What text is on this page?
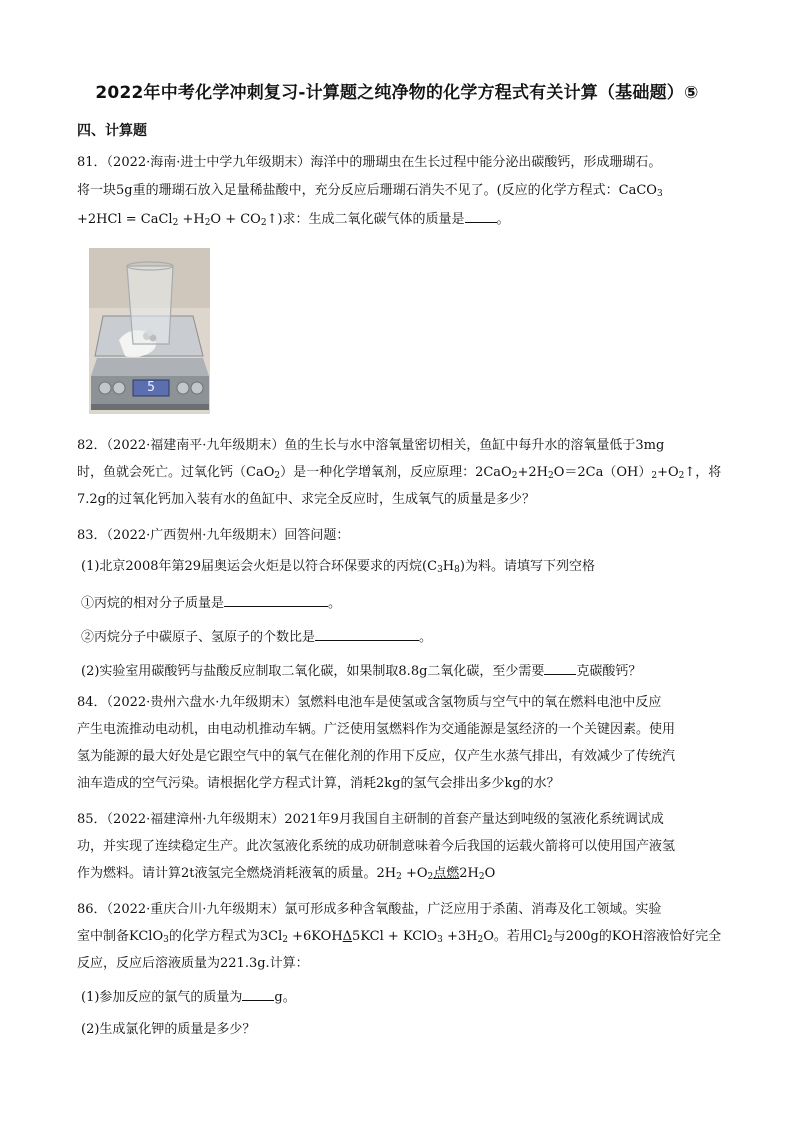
2022年中考化学冲刺复习-计算题之纯净物的化学方程式有关计算（基础题）⑤
四、计算题
81．（2022·海南·进士中学九年级期末）海洋中的珊瑚虫在生长过程中能分泌出碳酸钙，形成珊瑚石。
将一块5g重的珊瑚石放入足量稀盐酸中，充分反应后珊瑚石消失不见了。(反应的化学方程式：CaCO$_3$
+2HCl = CaCl$_2$ $+H_2O$ + $CO_2↑$)求：生成二氧化碳气体的质量是 。
5
82．（2022·福建南平·九年级期末）鱼的生长与水中溶氧量密切相关，鱼缸中每升水的溶氧量低于3mg
时，鱼就会死亡。过氧化钙（CaO$_2$）是一种化学增氧剂，反应原理：$2CaO_2+2H_2O=2Ca(OH)_2+O_2↑$，将
7.2g的过氧化钙加入装有水的鱼缸中、求完全反应时，生成氧气的质量是多少？
83．（2022·广西贺州·九年级期末）回答问题：
(1)北京2008年第29届奥运会火炬是以符合环保要求的丙烷$(C_3H_8)$为料。请填写下列空格
①丙烷的相对分子质量是	。
②丙烷分子中碳原子、氢原子的个数比是	。
(2)实验室用碳酸钙与盐酸反应制取二氧化碳，如果制取8.8g二氧化碳，至少需要 克碳酸钙？
84．（2022·贵州六盘水·九年级期末）氢燃料电池车是使氢或含氢物质与空气中的氧在燃料电池中反应
产生电流推动电动机，由电动机推动车辆。广泛使用氢燃料作为交通能源是氢经济的一个关键因素。使用
氢为能源的最大好处是它跟空气中的氧气在催化剂的作用下反应，仅产生水蒸气排出，有效减少了传统汽
油车造成的空气污染。请根据化学方程式计算，消耗2kg的氢气会排出多少kg的水？
85．（2022·福建漳州·九年级期末）2021年9月我国自主研制的首套产量达到吨级的氢液化系统调试成
功，并实现了连续稳定生产。此次氢液化系统的成功研制意味着今后我国的运载火箭将可以使用国产液氢
作为燃料。请计算2t液氢完全燃烧消耗液氧的质量。$2H_2 +O_2$点燃$2H_2O$
86．（2022·重庆合川·九年级期末）氯可形成多种含氧酸盐，广泛应用于杀菌、消毒及化工领域。实验
室中制备KClO$_3$的化学方程式为$3Cl_2 +6KOH\Delta 5KCl$ + KClO$_3$ $+3H_2O$。若用$Cl_2$与200g的KOH溶液恰好完全
反应，反应后溶液质量为221.3g.计算：
(1)参加反应的氯气的质量为 g。
(2)生成氯化钾的质量是多少？
